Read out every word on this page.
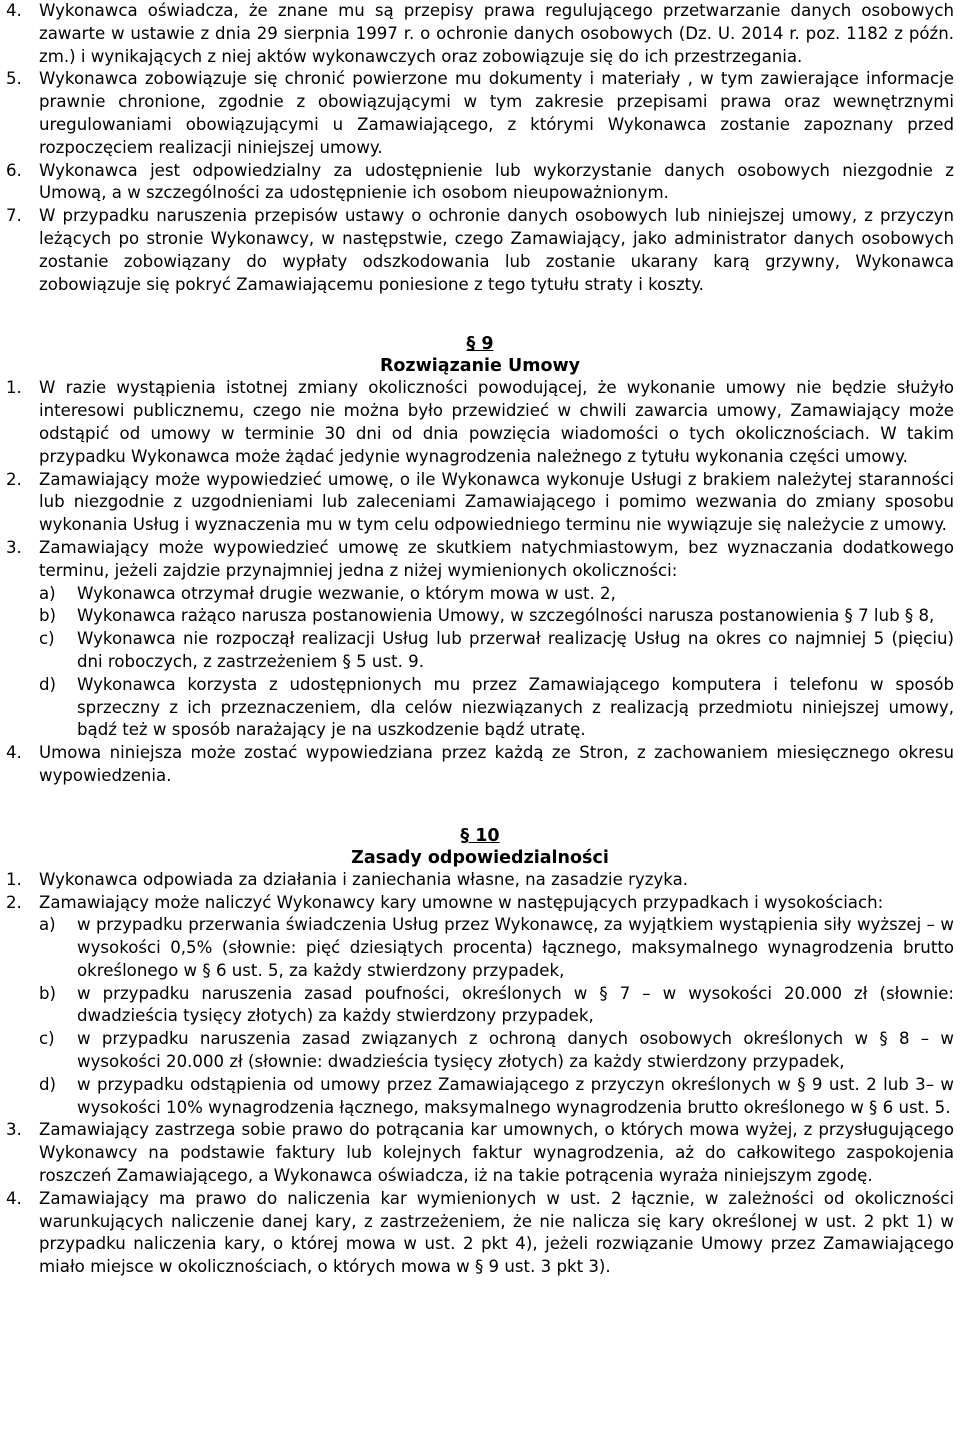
4.	Wykonawca oświadcza, że znane mu są przepisy prawa regulującego przetwarzanie danych osobowych zawarte w ustawie z dnia 29 sierpnia 1997 r. o ochronie danych osobowych (Dz. U. 2014 r. poz. 1182 z późn. zm.) i wynikających z niej aktów wykonawczych oraz zobowiązuje się do ich przestrzegania.
5.	Wykonawca zobowiązuje się chronić powierzone mu dokumenty i materiały , w tym zawierające informacje prawnie chronione, zgodnie z obowiązującymi w tym zakresie przepisami prawa oraz wewnętrznymi uregulowaniami obowiązującymi u Zamawiającego, z którymi Wykonawca zostanie zapoznany przed rozpoczęciem realizacji niniejszej umowy.
6.	Wykonawca jest odpowiedzialny za udostępnienie lub wykorzystanie danych osobowych niezgodnie z Umową, a w szczególności za udostępnienie ich osobom nieupoważnionym.
7.	W przypadku naruszenia przepisów ustawy o ochronie danych osobowych lub niniejszej umowy, z przyczyn leżących po stronie Wykonawcy, w następstwie, czego Zamawiający, jako administrator danych osobowych zostanie zobowiązany do wypłaty odszkodowania lub zostanie ukarany karą grzywny, Wykonawca zobowiązuje się pokryć Zamawiającemu poniesione z tego tytułu straty i koszty.
§ 9
Rozwiązanie Umowy
1.	W razie wystąpienia istotnej zmiany okoliczności powodującej, że wykonanie umowy nie będzie służyło interesowi publicznemu, czego nie można było przewidzieć w chwili zawarcia umowy, Zamawiający może odstąpić od umowy w terminie 30 dni od dnia powzięcia wiadomości o tych okolicznościach. W takim przypadku Wykonawca może żądać jedynie wynagrodzenia należnego z tytułu wykonania części umowy.
2.	Zamawiający może wypowiedzieć umowę, o ile Wykonawca wykonuje Usługi z brakiem należytej staranności lub niezgodnie z uzgodnieniami lub zaleceniami Zamawiającego i pomimo wezwania do zmiany sposobu wykonania Usług i wyznaczenia mu w tym celu odpowiedniego terminu nie wywiązuje się należycie z umowy.
3.	Zamawiający może wypowiedzieć umowę ze skutkiem natychmiastowym, bez wyznaczania dodatkowego terminu, jeżeli zajdzie przynajmniej jedna z niżej wymienionych okoliczności:
a)	Wykonawca otrzymał drugie wezwanie, o którym mowa w ust. 2,
b)	Wykonawca rażąco narusza postanowienia Umowy, w szczególności narusza postanowienia § 7 lub § 8,
c)	Wykonawca nie rozpoczął realizacji Usług lub przerwał realizację Usług na okres co najmniej 5 (pięciu) dni roboczych, z zastrzeżeniem § 5 ust. 9.
d)	Wykonawca korzysta z udostępnionych mu przez Zamawiającego komputera i telefonu w sposób sprzeczny z ich przeznaczeniem, dla celów niezwiązanych z realizacją przedmiotu niniejszej umowy, bądź też w sposób narażający je na uszkodzenie bądź utratę.
4.	Umowa niniejsza może zostać wypowiedziana przez każdą ze Stron, z zachowaniem miesięcznego okresu wypowiedzenia.
§ 10
Zasady odpowiedzialności
1.	Wykonawca odpowiada za działania i zaniechania własne, na zasadzie ryzyka.
2.	Zamawiający może naliczyć Wykonawcy kary umowne w następujących przypadkach i wysokościach:
a)	w przypadku przerwania świadczenia Usług przez Wykonawcę, za wyjątkiem wystąpienia siły wyższej – w wysokości 0,5% (słownie: pięć dziesiątych procenta) łącznego, maksymalnego wynagrodzenia brutto określonego w § 6 ust. 5, za każdy stwierdzony przypadek,
b)	w przypadku naruszenia zasad poufności, określonych w § 7 – w wysokości 20.000 zł (słownie: dwadzieścia tysięcy złotych) za każdy stwierdzony przypadek,
c)	w przypadku naruszenia zasad związanych z ochroną danych osobowych określonych w § 8 – w wysokości 20.000 zł (słownie: dwadzieścia tysięcy złotych) za każdy stwierdzony przypadek,
d)	w przypadku odstąpienia od umowy przez Zamawiającego z przyczyn określonych w § 9 ust. 2 lub 3– w wysokości 10% wynagrodzenia łącznego, maksymalnego wynagrodzenia brutto określonego w § 6 ust. 5.
3.	Zamawiający zastrzega sobie prawo do potrącania kar umownych, o których mowa wyżej, z przysługującego Wykonawcy na podstawie faktury lub kolejnych faktur wynagrodzenia, aż do całkowitego zaspokojenia roszczeń Zamawiającego, a Wykonawca oświadcza, iż na takie potrącenia wyraża niniejszym zgodę.
4.	Zamawiający ma prawo do naliczenia kar wymienionych w ust. 2 łącznie, w zależności od okoliczności warunkujących naliczenie danej kary, z zastrzeżeniem, że nie nalicza się kary określonej w ust. 2 pkt 1) w przypadku naliczenia kary, o której mowa w ust. 2 pkt 4), jeżeli rozwiązanie Umowy przez Zamawiającego miało miejsce w okolicznościach, o których mowa w § 9 ust. 3 pkt 3).
